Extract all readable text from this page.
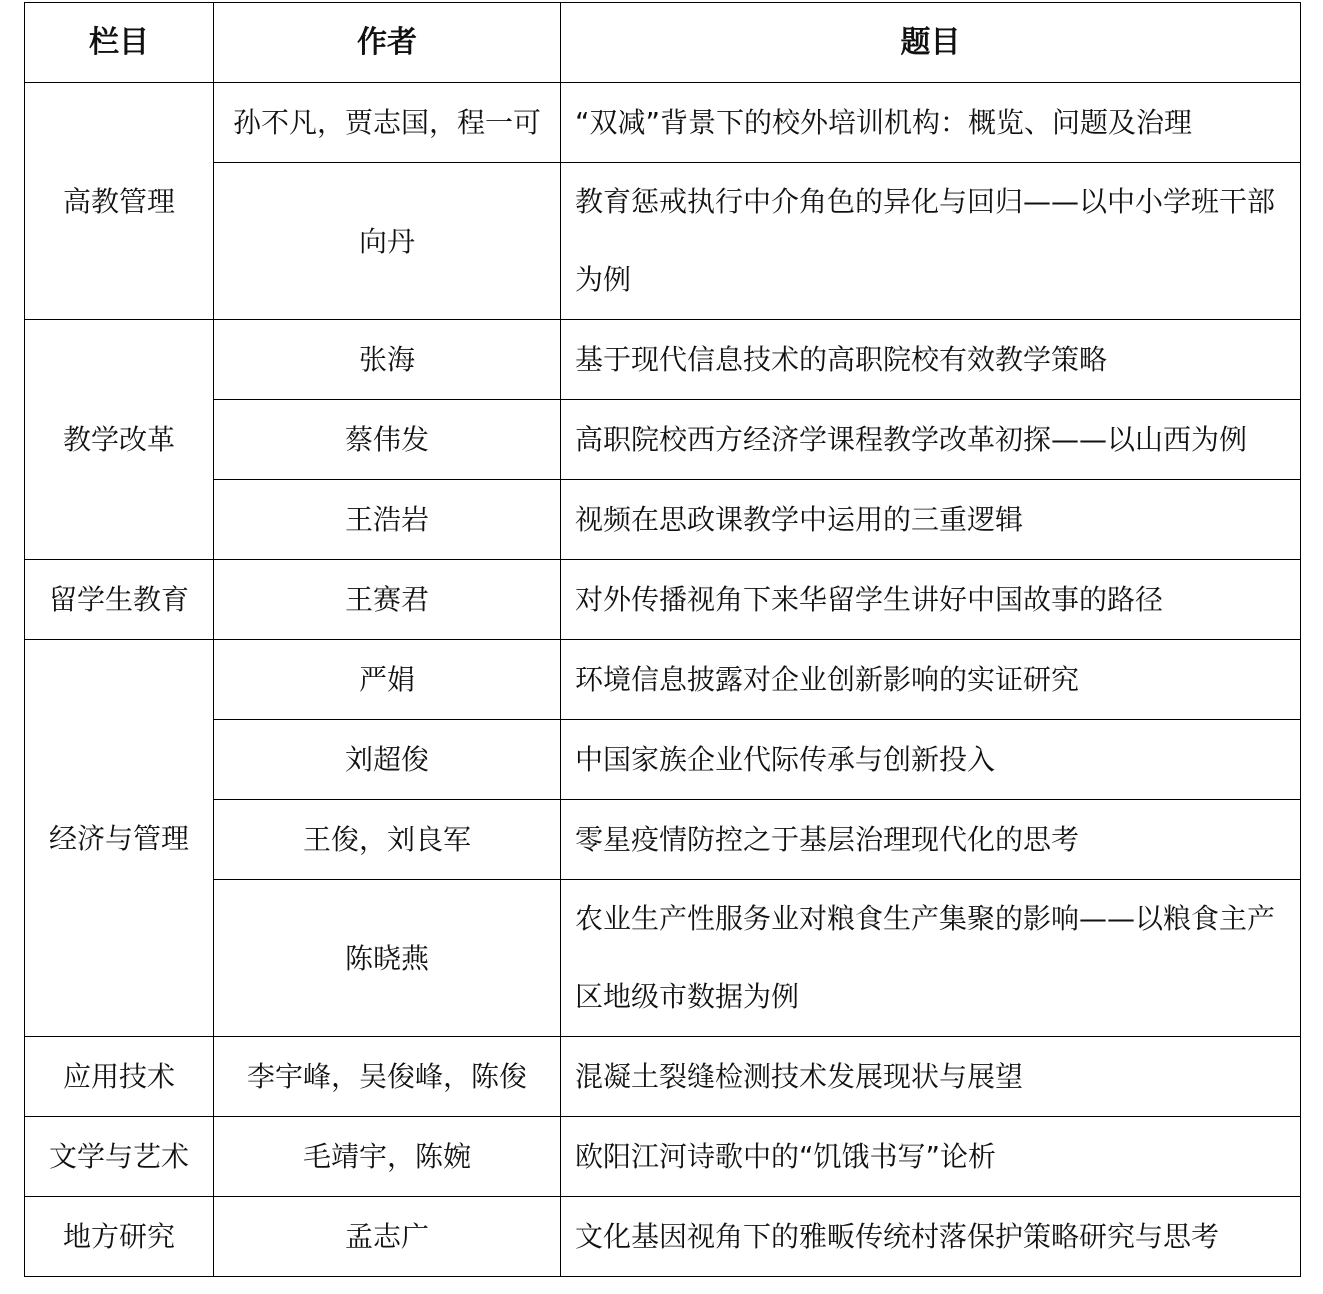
栏目	作者	题目
高教管理	孙不凡，贾志国，程一可	“双减”背景下的校外培训机构：概览、问题及治理
	向丹	教育惩戒执行中介角色的异化与回归——以中小学班干部为例
教学改革	张海	基于现代信息技术的高职院校有效教学策略
	蔡伟发	高职院校西方经济学课程教学改革初探——以山西为例
	王浩岩	视频在思政课教学中运用的三重逻辑
留学生教育	王赛君	对外传播视角下来华留学生讲好中国故事的路径
经济与管理	严娟	环境信息披露对企业创新影响的实证研究
	刘超俊	中国家族企业代际传承与创新投入
	王俊，刘良军	零星疫情防控之于基层治理现代化的思考
	陈晓燕	农业生产性服务业对粮食生产集聚的影响——以粮食主产区地级市数据为例
应用技术	李宇峰，吴俊峰，陈俊	混凝土裂缝检测技术发展现状与展望
文学与艺术	毛靖宇，陈婉	欧阳江河诗歌中的“饥饿书写”论析
地方研究	孟志广	文化基因视角下的雅畈传统村落保护策略研究与思考
